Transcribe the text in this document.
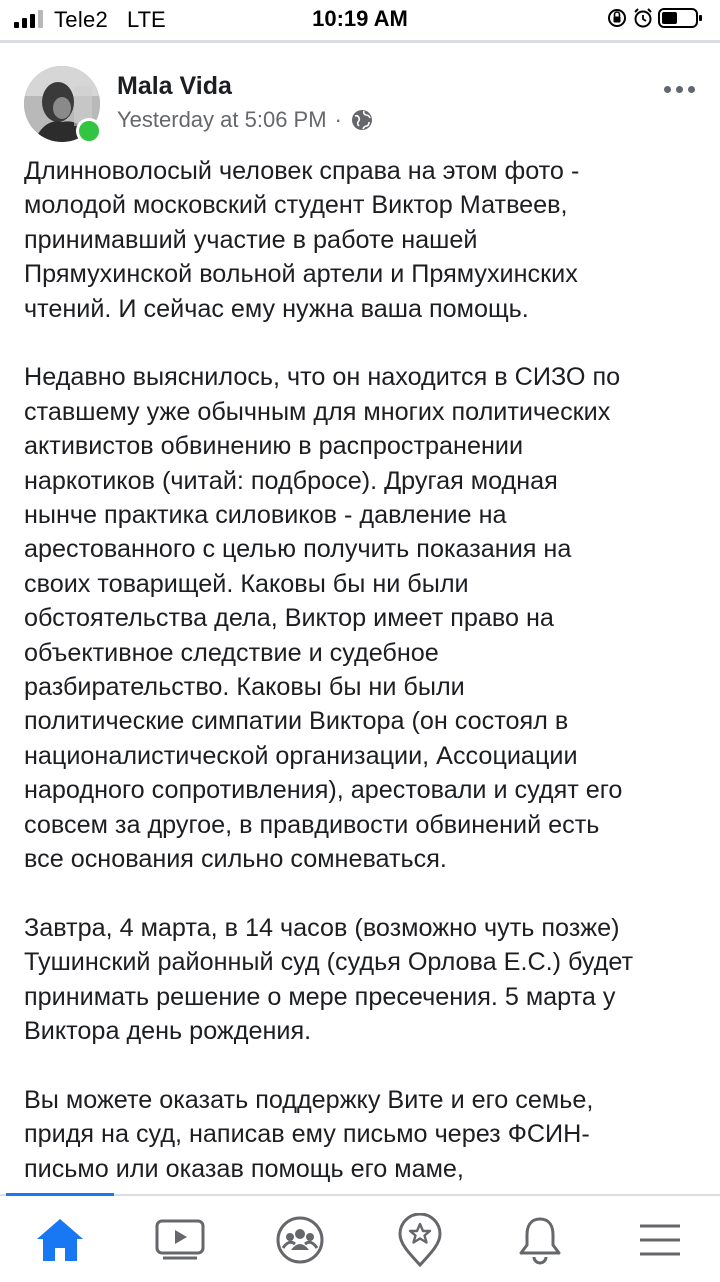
Tele2 LTE	10:19 AM
Mala Vida
Yesterday at 5:06 PM ·

Длинноволосый человек справа на этом фото -
молодой московский студент Виктор Матвеев,
принимавший участие в работе нашей
Прямухинской вольной артели и Прямухинских
чтений. И сейчас ему нужна ваша помощь.

Недавно выяснилось, что он находится в СИЗО по
ставшему уже обычным для многих политических
активистов обвинению в распространении
наркотиков (читай: подбросе). Другая модная
нынче практика силовиков - давление на
арестованного с целью получить показания на
своих товарищей. Каковы бы ни были
обстоятельства дела, Виктор имеет право на
объективное следствие и судебное
разбирательство. Каковы бы ни были
политические симпатии Виктора (он состоял в
националистической организации, Ассоциации
народного сопротивления), арестовали и судят его
совсем за другое, в правдивости обвинений есть
все основания сильно сомневаться.

Завтра, 4 марта, в 14 часов (возможно чуть позже)
Тушинский районный суд (судья Орлова Е.С.) будет
принимать решение о мере пресечения. 5 марта у
Виктора день рождения.

Вы можете оказать поддержку Вите и его семье,
придя на суд, написав ему письмо через ФСИН-
письмо или оказав помощь его маме,
